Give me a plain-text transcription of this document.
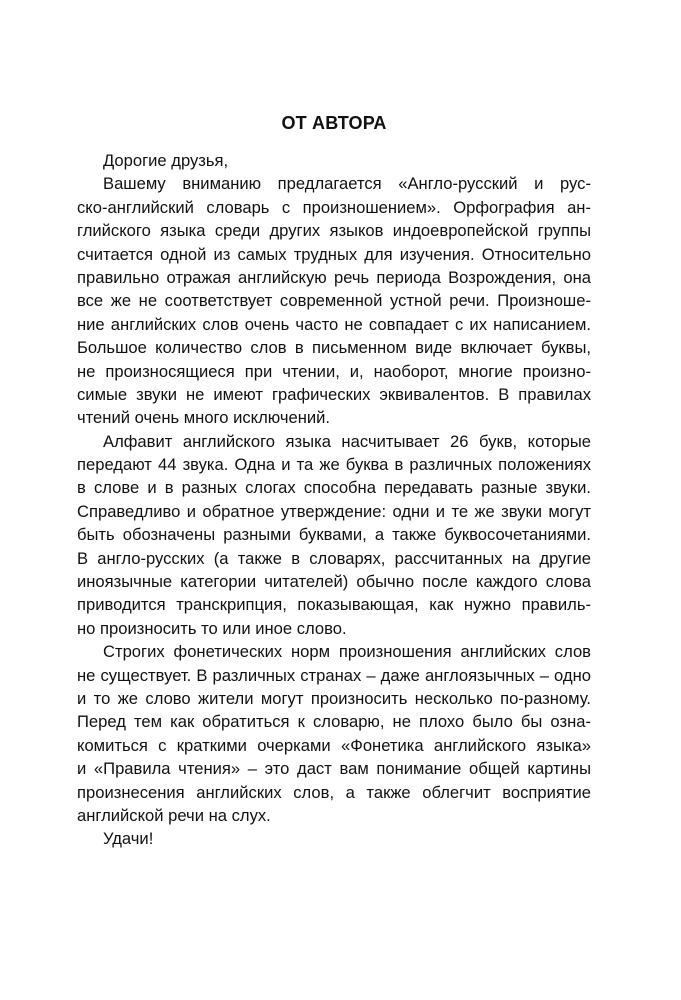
ОТ АВТОРА
Дорогие друзья,
Вашему вниманию предлагается «Англо-русский и рус-
ско-английский словарь с произношением». Орфография ан-
глийского языка среди других языков индоевропейской группы
считается одной из самых трудных для изучения. Относительно
правильно отражая английскую речь периода Возрождения, она
все же не соответствует современной устной речи. Произноше-
ние английских слов очень часто не совпадает с их написанием.
Большое количество слов в письменном виде включает буквы,
не произносящиеся при чтении, и, наоборот, многие произно-
симые звуки не имеют графических эквивалентов. В правилах
чтений очень много исключений.
Алфавит английского языка насчитывает 26 букв, которые
передают 44 звука. Одна и та же буква в различных положениях
в слове и в разных слогах способна передавать разные звуки.
Справедливо и обратное утверждение: одни и те же звуки могут
быть обозначены разными буквами, а также буквосочетаниями.
В англо-русских (а также в словарях, рассчитанных на другие
иноязычные категории читателей) обычно после каждого слова
приводится транскрипция, показывающая, как нужно правиль-
но произносить то или иное слово.
Строгих фонетических норм произношения английских слов
не существует. В различных странах – даже англоязычных – одно
и то же слово жители могут произносить несколько по-разному.
Перед тем как обратиться к словарю, не плохо было бы озна-
комиться с краткими очерками «Фонетика английского языка»
и «Правила чтения» – это даст вам понимание общей картины
произнесения английских слов, а также облегчит восприятие
английской речи на слух.
Удачи!
